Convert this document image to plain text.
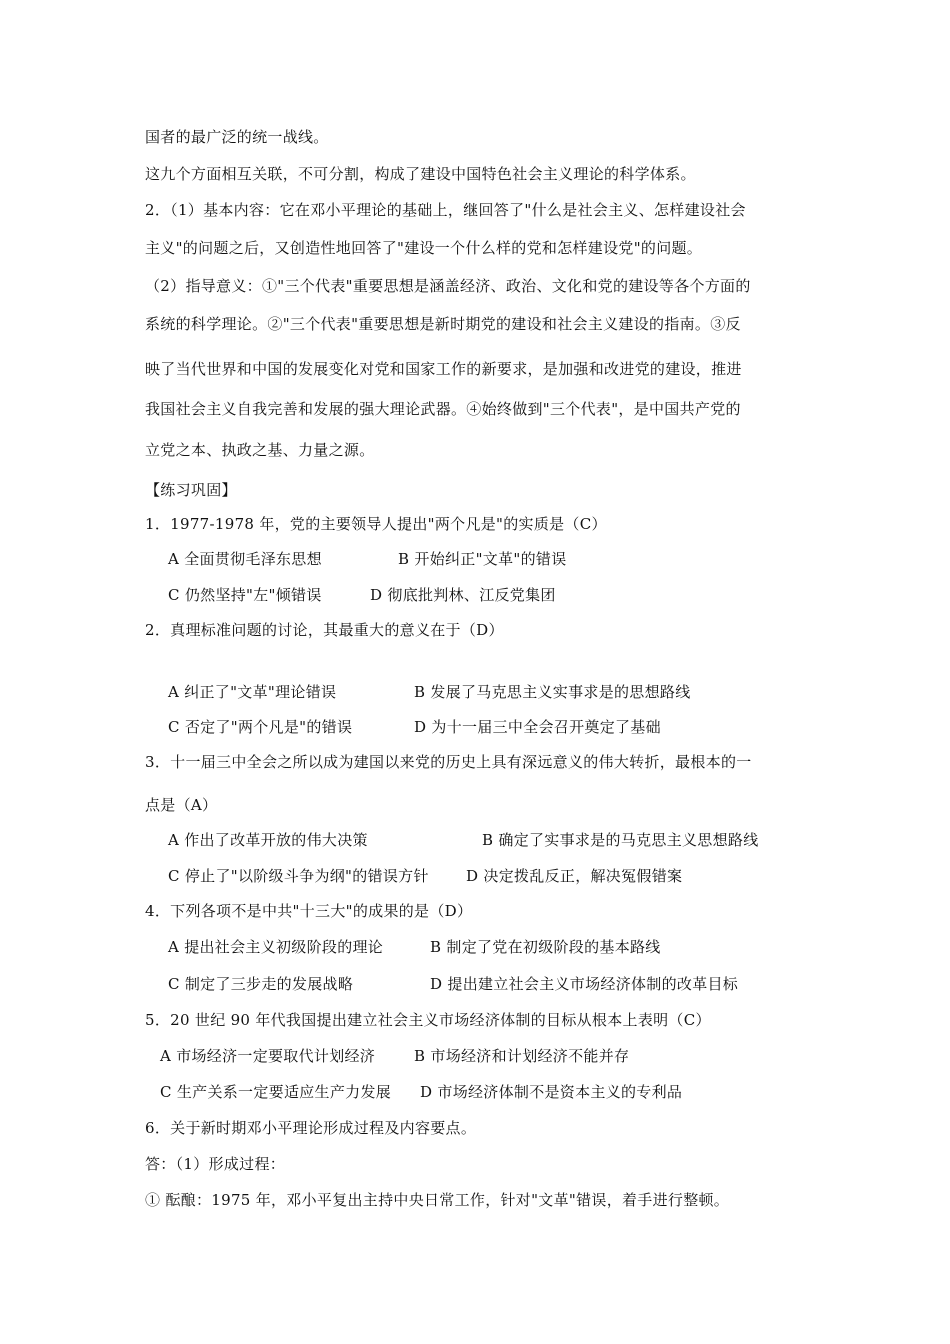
国者的最广泛的统一战线。
这九个方面相互关联，不可分割，构成了建设中国特色社会主义理论的科学体系。
2．（1）基本内容：它在邓小平理论的基础上，继回答了"什么是社会主义、怎样建设社会
主义"的问题之后，又创造性地回答了"建设一个什么样的党和怎样建设党"的问题。
（2）指导意义：①"三个代表"重要思想是涵盖经济、政治、文化和党的建设等各个方面的
系统的科学理论。②"三个代表"重要思想是新时期党的建设和社会主义建设的指南。③反
映了当代世界和中国的发展变化对党和国家工作的新要求，是加强和改进党的建设，推进
我国社会主义自我完善和发展的强大理论武器。④始终做到"三个代表"，是中国共产党的
立党之本、执政之基、力量之源。
【练习巩固】
1．1977-1978 年，党的主要领导人提出"两个凡是"的实质是（C）
A 全面贯彻毛泽东思想	B 开始纠正"文革"的错误
C 仍然坚持"左"倾错误	D 彻底批判林、江反党集团
2．真理标准问题的讨论，其最重大的意义在于（D）
A 纠正了"文革"理论错误	B 发展了马克思主义实事求是的思想路线
C 否定了"两个凡是"的错误	D 为十一届三中全会召开奠定了基础
3．十一届三中全会之所以成为建国以来党的历史上具有深远意义的伟大转折，最根本的一
点是（A）
A 作出了改革开放的伟大决策	B 确定了实事求是的马克思主义思想路线
C 停止了"以阶级斗争为纲"的错误方针 D 决定拨乱反正，解决冤假错案
4．下列各项不是中共"十三大"的成果的是（D）
A 提出社会主义初级阶段的理论	B 制定了党在初级阶段的基本路线
C 制定了三步走的发展战略	D 提出建立社会主义市场经济体制的改革目标
5．20 世纪 90 年代我国提出建立社会主义市场经济体制的目标从根本上表明（C）
A 市场经济一定要取代计划经济	B 市场经济和计划经济不能并存
C 生产关系一定要适应生产力发展 D 市场经济体制不是资本主义的专利品
6．关于新时期邓小平理论形成过程及内容要点。
答：（1）形成过程：
① 酝酿：1975 年，邓小平复出主持中央日常工作，针对"文革"错误，着手进行整顿。
